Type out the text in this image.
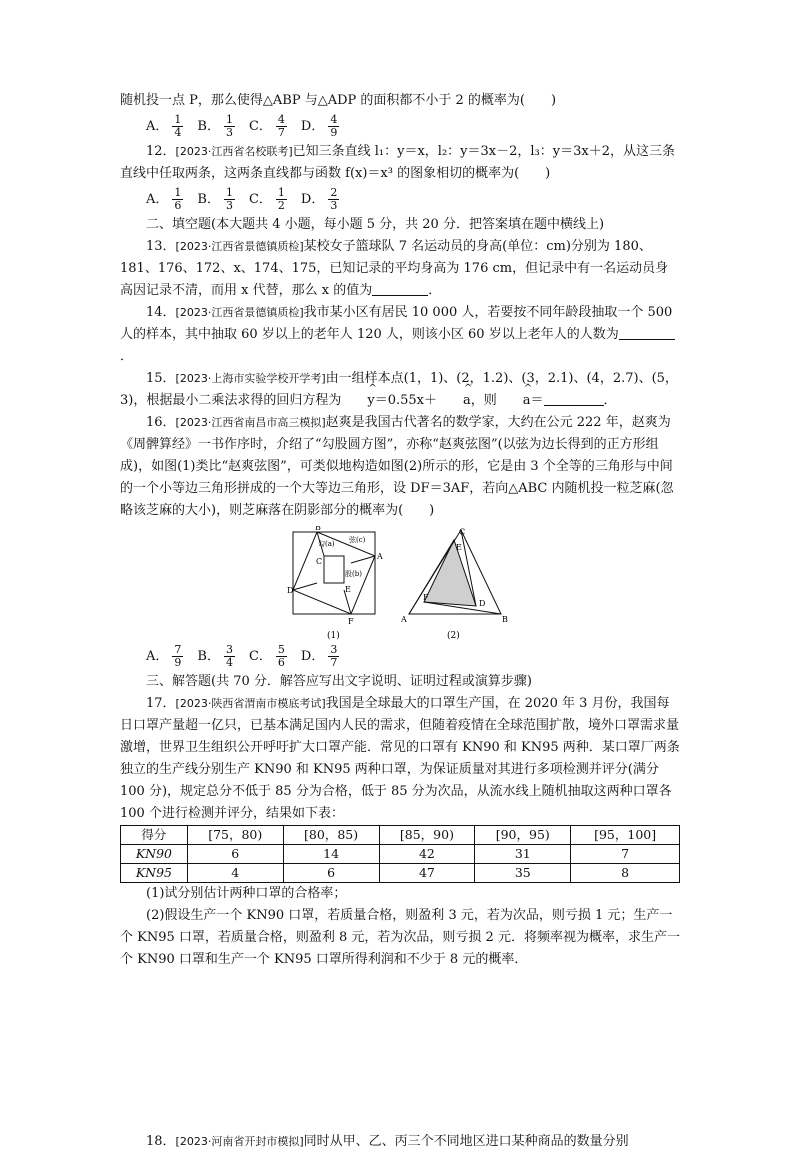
随机投一点 P，那么使得△ABP 与△ADP 的面积都不小于 2 的概率为(　　)

A． $\frac{1}{4}$ B． $\frac{1}{3}$ C． $\frac{4}{7}$ D． $\frac{4}{9}$

12．[2023·江西省名校联考]已知三条直线 l₁：y＝x，l₂：y＝3x－2，l₃：y＝3x＋2，从这三条直线中任取两条，这两条直线都与函数 f(x)＝x³ 的图象相切的概率为(　　)

A． $\frac{1}{6}$ B． $\frac{1}{3}$ C． $\frac{1}{2}$ D． $\frac{2}{3}$

二、填空题(本大题共 4 小题，每小题 5 分，共 20 分．把答案填在题中横线上)

13．[2023·江西省景德镇质检]某校女子篮球队 7 名运动员的身高(单位：cm)分别为 180、181、176、172、x、174、175，已知记录的平均身高为 176 cm，但记录中有一名运动员身高因记录不清，而用 x 代替，那么 x 的值为	．

14．[2023·江西省景德镇质检]我市某小区有居民 10 000 人，若要按不同年龄段抽取一个 500 人的样本，其中抽取 60 岁以上的老年人 120 人，则该小区 60 岁以上老年人的人数为．

15．[2023·上海市实验学校开学考]由一组样本点(1，1)、(2，1.2)、(3，2.1)、(4，2.7)、(5，3)，根据最小二乘法求得的回归方程为 ^ y＝0.55x＋ ^ a，则 ^ a＝	．

16．[2023·江西省南昌市高三模拟]赵爽是我国古代著名的数学家，大约在公元 222 年，赵爽为《周髀算经》一书作序时，介绍了“勾股圆方图”，亦称“赵爽弦图”(以弦为边长得到的正方形组成)，如图(1)类比“赵爽弦图”，可类似地构造如图(2)所示的形，它是由 3 个全等的三角形与中间的一个小等边三角形拼成的一个大等边三角形，设 DF＝3AF，若向△ABC 内随机投一粒芝麻(忽略该芝麻的大小)，则芝麻落在阴影部分的概率为(　　)

B
A
D
F
C
E
勾(a) 弦(c)
股(b)
(1)
C
E
F
D
A	B
(2)
A． $\frac{7}{9}$ B． $\frac{3}{4}$ C． $\frac{5}{6}$ D． $\frac{3}{7}$

三、解答题(共 70 分．解答应写出文字说明、证明过程或演算步骤)

17．[2023·陕西省渭南市模底考试]我国是全球最大的口罩生产国，在 2020 年 3 月份，我国每日口罩产量超一亿只，已基本满足国内人民的需求，但随着疫情在全球范围扩散，境外口罩需求量激增，世界卫生组织公开呼吁扩大口罩产能．常见的口罩有 KN90 和 KN95 两种．某口罩厂两条独立的生产线分别生产 KN90 和 KN95 两种口罩，为保证质量对其进行多项检测并评分(满分 100 分)，规定总分不低于 85 分为合格，低于 85 分为次品，从流水线上随机抽取这两种口罩各 100 个进行检测并评分，结果如下表：

得分	[75，80)	[80，85)	[85，90)	[90，95)	[95，100]
KN90	6	14	42	31	7
KN95	4	6	47	35	8

(1)试分别估计两种口罩的合格率；

(2)假设生产一个 KN90 口罩，若质量合格，则盈利 3 元，若为次品，则亏损 1 元；生产一个 KN95 口罩，若质量合格，则盈利 8 元，若为次品，则亏损 2 元．将频率视为概率，求生产一个 KN90 口罩和生产一个 KN95 口罩所得利润和不少于 8 元的概率．

18．[2023·河南省开封市模拟]同时从甲、乙、丙三个不同地区进口某种商品的数量分别
